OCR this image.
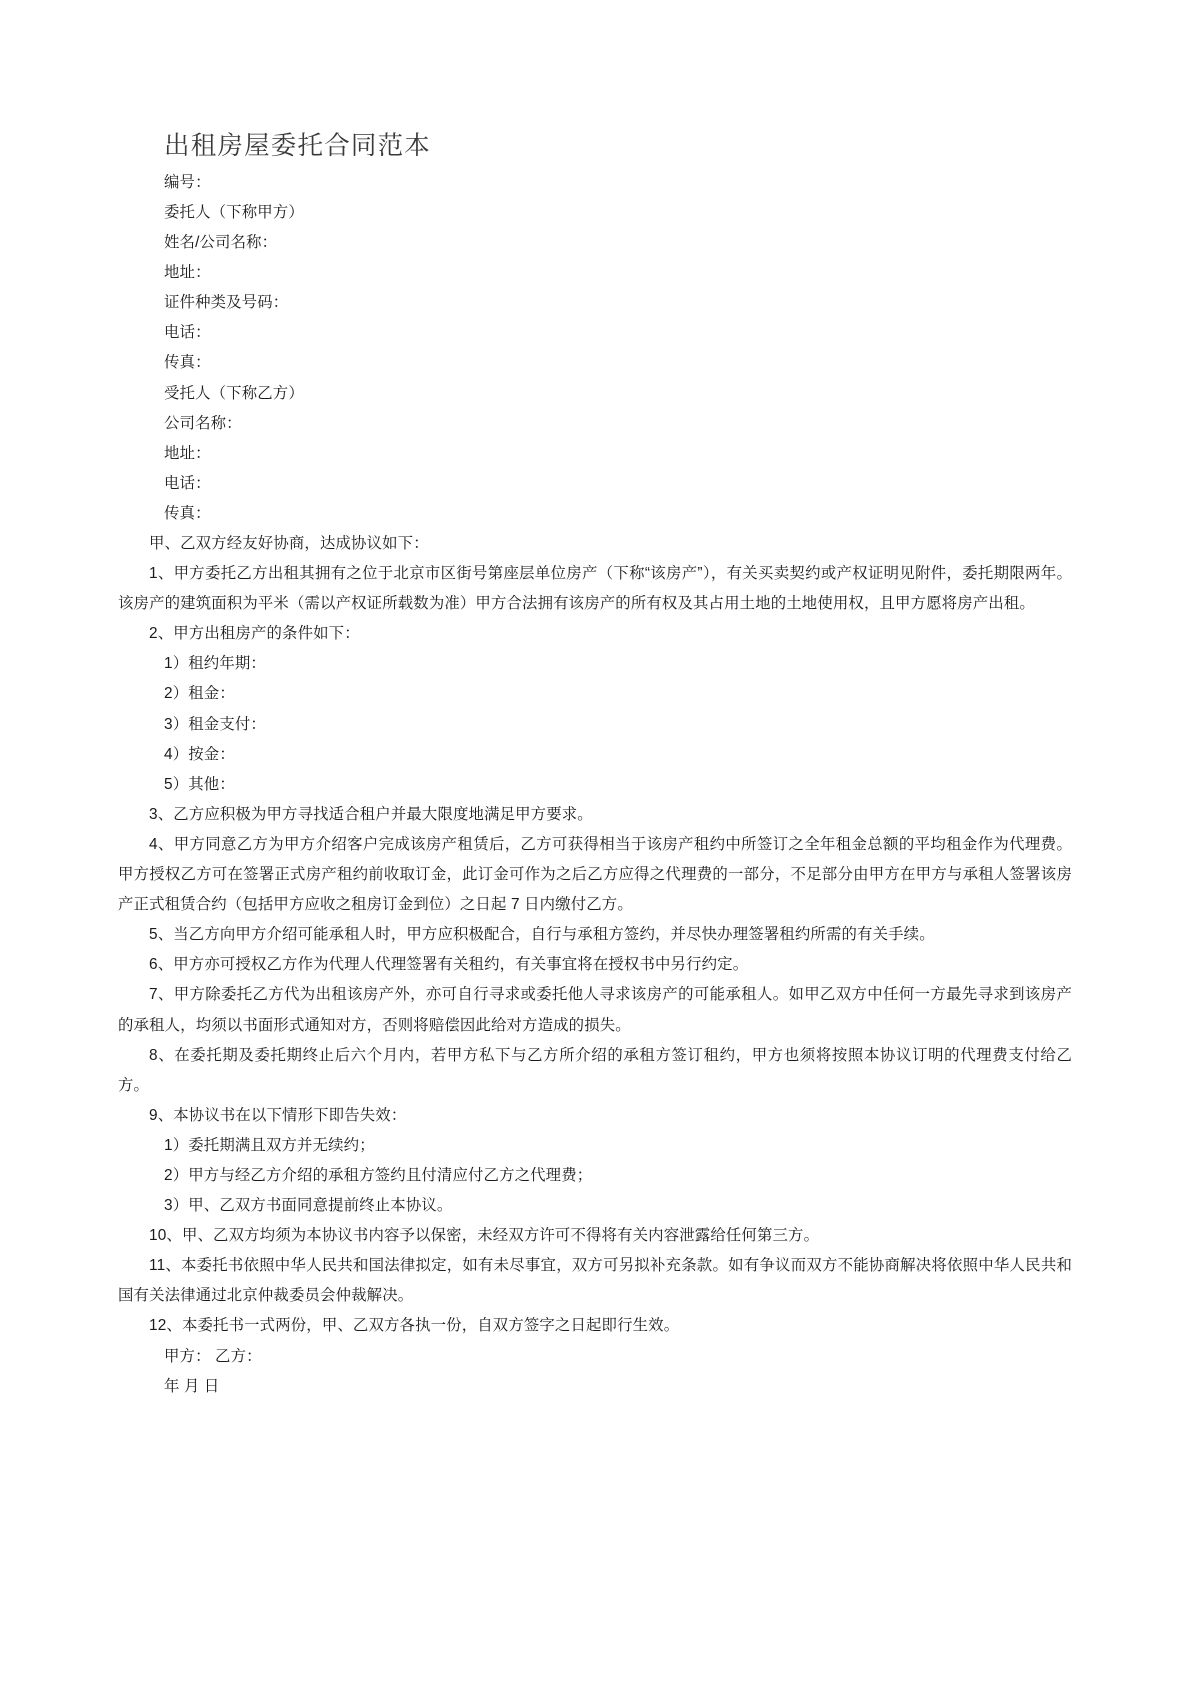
出租房屋委托合同范本

编号：

委托人（下称甲方）

姓名/公司名称：

地址：

证件种类及号码：

电话：

传真：

受托人（下称乙方）

公司名称：

地址：

电话：

传真：

甲、乙双方经友好协商，达成协议如下：

1、甲方委托乙方出租其拥有之位于北京市区街号第座层单位房产（下称“该房产”），有关买卖契约或产权证明见附件，委托期限两年。该房产的建筑面积为平米（需以产权证所载数为准）甲方合法拥有该房产的所有权及其占用土地的土地使用权，且甲方愿将房产出租。

2、甲方出租房产的条件如下：

1）租约年期：

2）租金：

3）租金支付：

4）按金：

5）其他：

3、乙方应积极为甲方寻找适合租户并最大限度地满足甲方要求。

4、甲方同意乙方为甲方介绍客户完成该房产租赁后，乙方可获得相当于该房产租约中所签订之全年租金总额的平均租金作为代理费。甲方授权乙方可在签署正式房产租约前收取订金，此订金可作为之后乙方应得之代理费的一部分，不足部分由甲方在甲方与承租人签署该房产正式租赁合约（包括甲方应收之租房订金到位）之日起 7 日内缴付乙方。

5、当乙方向甲方介绍可能承租人时，甲方应积极配合，自行与承租方签约，并尽快办理签署租约所需的有关手续。

6、甲方亦可授权乙方作为代理人代理签署有关租约，有关事宜将在授权书中另行约定。

7、甲方除委托乙方代为出租该房产外，亦可自行寻求或委托他人寻求该房产的可能承租人。如甲乙双方中任何一方最先寻求到该房产的承租人，均须以书面形式通知对方，否则将赔偿因此给对方造成的损失。

8、在委托期及委托期终止后六个月内，若甲方私下与乙方所介绍的承租方签订租约，甲方也须将按照本协议订明的代理费支付给乙方。

9、本协议书在以下情形下即告失效：

1）委托期满且双方并无续约；

2）甲方与经乙方介绍的承租方签约且付清应付乙方之代理费；

3）甲、乙双方书面同意提前终止本协议。

10、甲、乙双方均须为本协议书内容予以保密，未经双方许可不得将有关内容泄露给任何第三方。

11、本委托书依照中华人民共和国法律拟定，如有未尽事宜，双方可另拟补充条款。如有争议而双方不能协商解决将依照中华人民共和国有关法律通过北京仲裁委员会仲裁解决。

12、本委托书一式两份，甲、乙双方各执一份，自双方签字之日起即行生效。

甲方： 乙方：

年 月 日
